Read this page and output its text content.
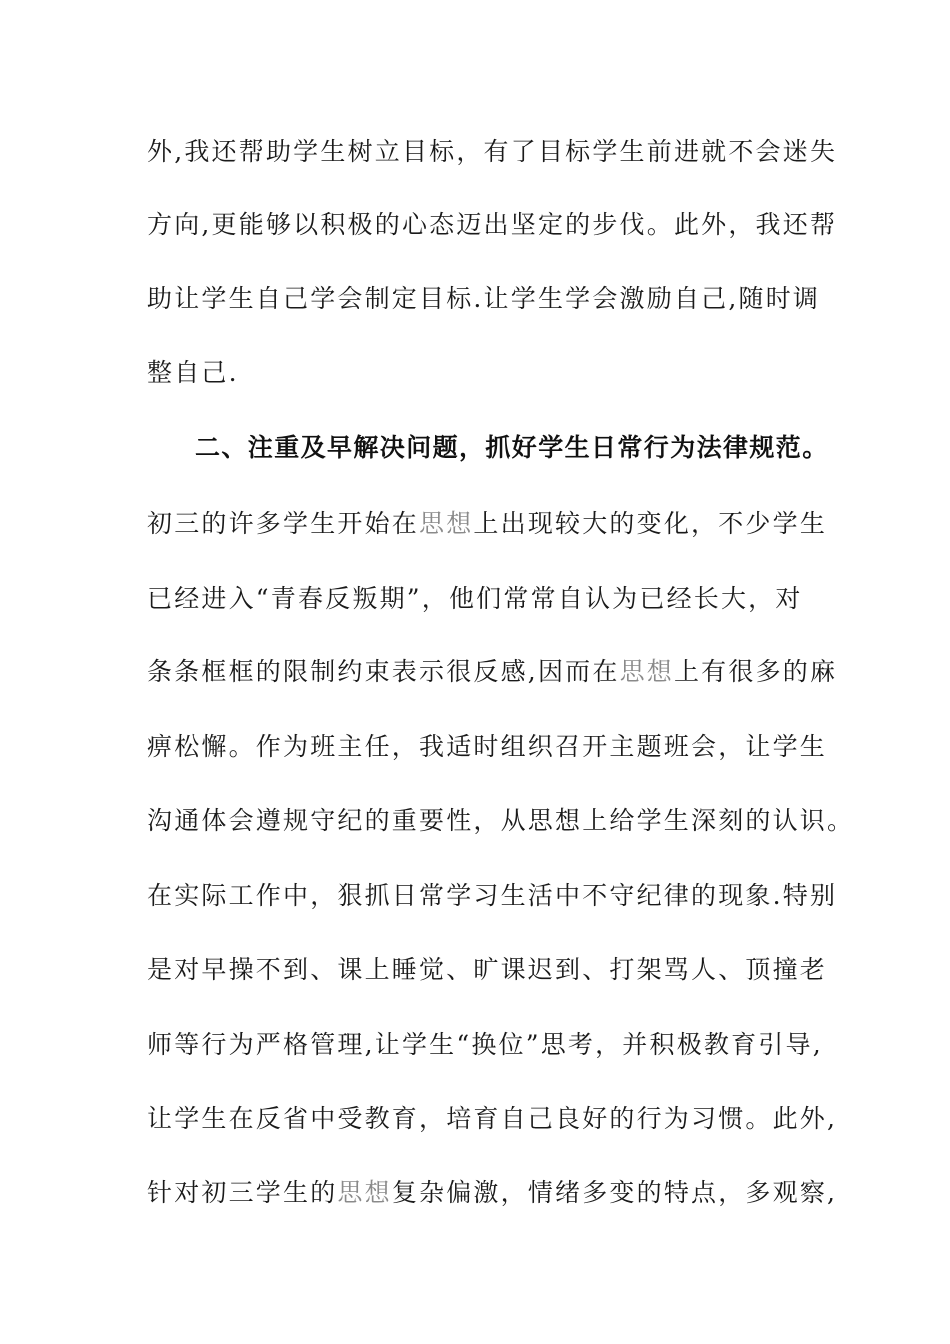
外,我还帮助学生树立目标，有了目标学生前进就不会迷失
方向,更能够以积极的心态迈出坚定的步伐。此外，我还帮
助让学生自己学会制定目标.让学生学会激励自己,随时调
整自己.
二、注重及早解决问题，抓好学生日常行为法律规范。
初三的许多学生开始在思想上出现较大的变化，不少学生
已经进入“青春反叛期”，他们常常自认为已经长大，对
条条框框的限制约束表示很反感,因而在思想上有很多的麻
痹松懈。作为班主任，我适时组织召开主题班会，让学生
沟通体会遵规守纪的重要性，从思想上给学生深刻的认识。
在实际工作中，狠抓日常学习生活中不守纪律的现象.特别
是对早操不到、课上睡觉、旷课迟到、打架骂人、顶撞老
师等行为严格管理,让学生“换位”思考，并积极教育引导,
让学生在反省中受教育，培育自己良好的行为习惯。此外,
针对初三学生的思想复杂偏激，情绪多变的特点，多观察,
